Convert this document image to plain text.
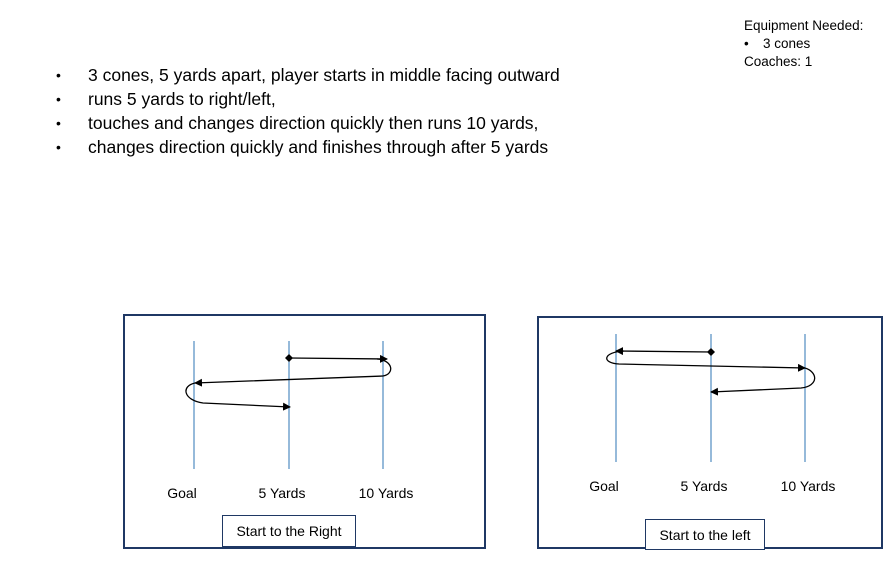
Equipment Needed:
•	3 cones
Coaches: 1
•	3 cones, 5 yards apart, player starts in middle facing outward
•	runs 5 yards to right/left,
•	touches and changes direction quickly then runs 10 yards,
•	changes direction quickly and finishes through after 5 yards
Goal	5 Yards	10 Yards
Start to the Right
Goal	5 Yards	10 Yards
Start to the left
